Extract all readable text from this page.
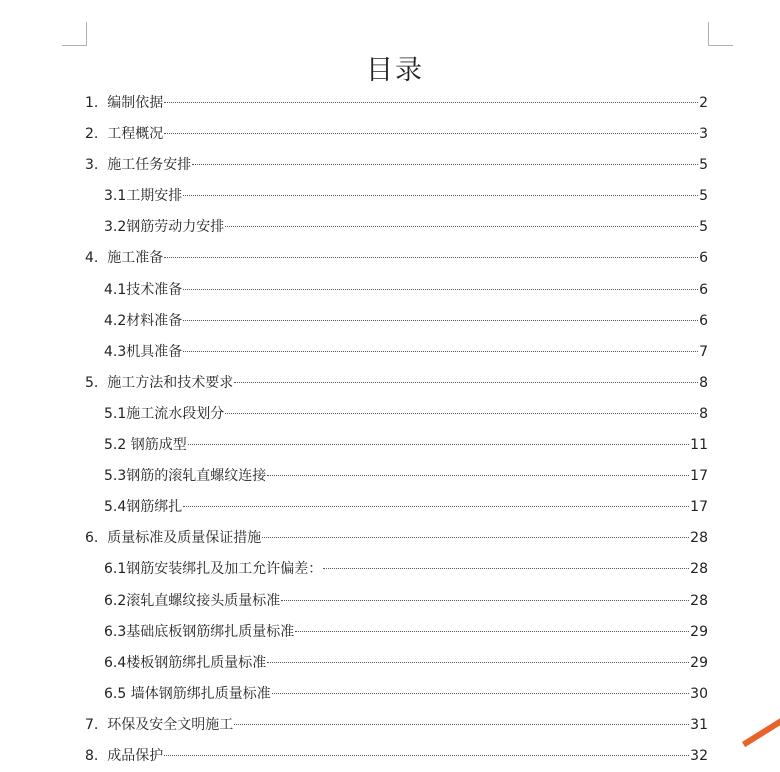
目录
1. 编制依据	2
2. 工程概况	3
3. 施工任务安排	5
3.1 工期安排	5
3.2 钢筋劳动力安排	5
4. 施工准备	6
4.1 技术准备	6
4.2 材料准备	6
4.3 机具准备	7
5. 施工方法和技术要求	8
5.1 施工流水段划分	8
5.2 钢筋成型	11
5.3 钢筋的滚轧直螺纹连接	17
5.4 钢筋绑扎	17
6. 质量标准及质量保证措施	28
6.1 钢筋安装绑扎及加工允许偏差：	28
6.2 滚轧直螺纹接头质量标准	28
6.3 基础底板钢筋绑扎质量标准	29
6.4 楼板钢筋绑扎质量标准	29
6.5 墙体钢筋绑扎质量标准	30
7. 环保及安全文明施工	31
8. 成品保护	32
